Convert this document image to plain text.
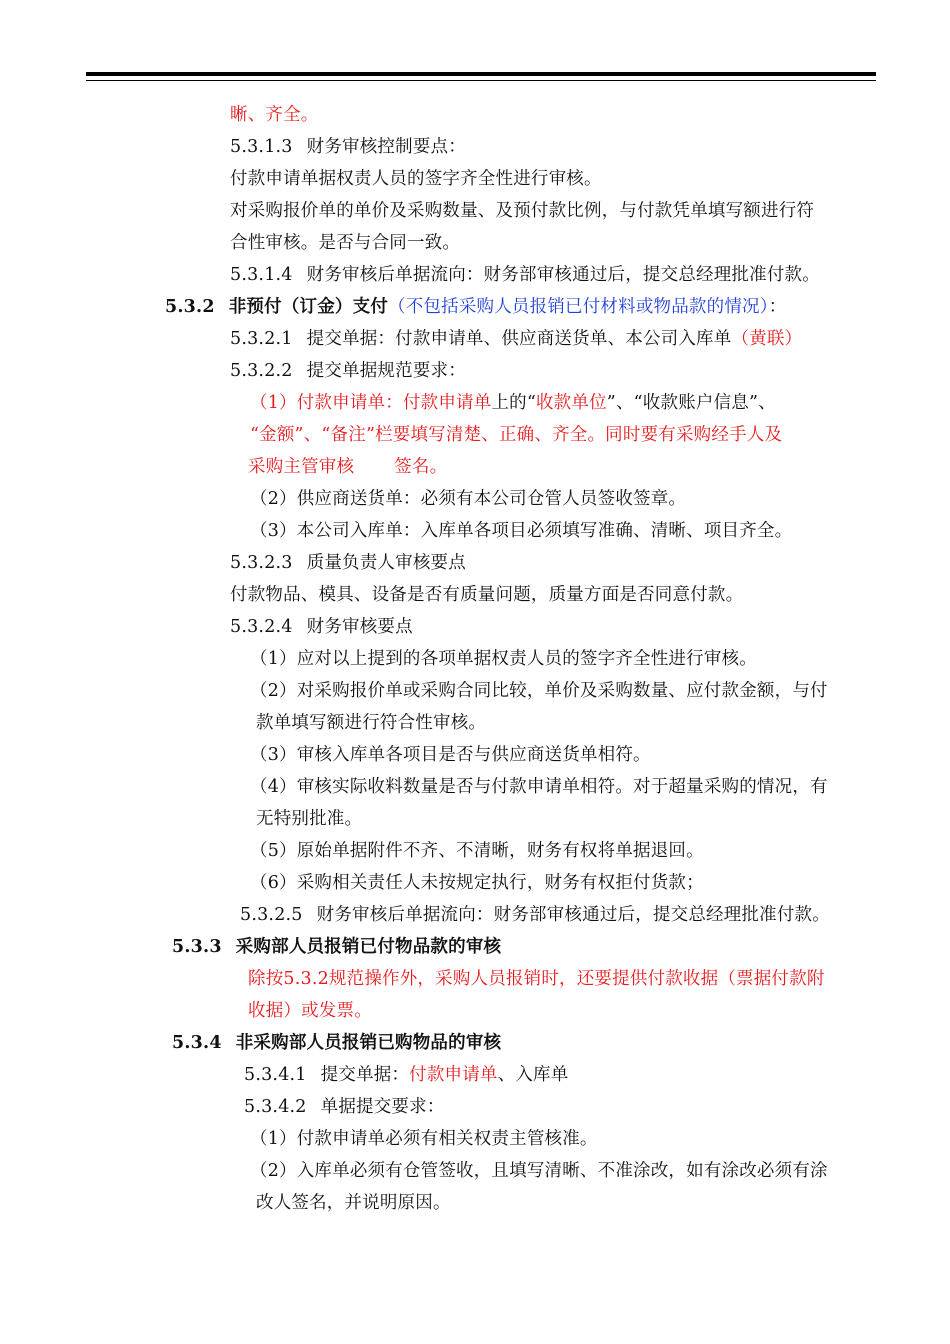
晰、齐全。
5.3.1.3 财务审核控制要点：
付款申请单据权责人员的签字齐全性进行审核。
对采购报价单的单价及采购数量、及预付款比例，与付款凭单填写额进行符
合性审核。是否与合同一致。
5.3.1.4 财务审核后单据流向：财务部审核通过后，提交总经理批准付款。
5.3.2 非预付（订金）支付（不包括采购人员报销已付材料或物品款的情况）：
5.3.2.1 提交单据：付款申请单、供应商送货单、本公司入库单（黄联）
5.3.2.2 提交单据规范要求：
（1）付款申请单：付款申请单上的“收款单位”、“收款账户信息”、
“金额”、“备注”栏要填写清楚、正确、齐全。同时要有采购经手人及
采购主管审核 签名。
（2）供应商送货单：必须有本公司仓管人员签收签章。
（3）本公司入库单：入库单各项目必须填写准确、清晰、项目齐全。
5.3.2.3 质量负责人审核要点
付款物品、模具、设备是否有质量问题，质量方面是否同意付款。
5.3.2.4 财务审核要点
（1）应对以上提到的各项单据权责人员的签字齐全性进行审核。
（2）对采购报价单或采购合同比较，单价及采购数量、应付款金额，与付
款单填写额进行符合性审核。
（3）审核入库单各项目是否与供应商送货单相符。
（4）审核实际收料数量是否与付款申请单相符。对于超量采购的情况，有
无特别批准。
（5）原始单据附件不齐、不清晰，财务有权将单据退回。
（6）采购相关责任人未按规定执行，财务有权拒付货款；
5.3.2.5 财务审核后单据流向：财务部审核通过后，提交总经理批准付款。
5.3.3 采购部人员报销已付物品款的审核
除按5.3.2规范操作外，采购人员报销时，还要提供付款收据（票据付款附
收据）或发票。
5.3.4 非采购部人员报销已购物品的审核
5.3.4.1 提交单据：付款申请单、入库单
5.3.4.2 单据提交要求：
（1）付款申请单必须有相关权责主管核准。
（2）入库单必须有仓管签收，且填写清晰、不准涂改，如有涂改必须有涂
改人签名，并说明原因。
